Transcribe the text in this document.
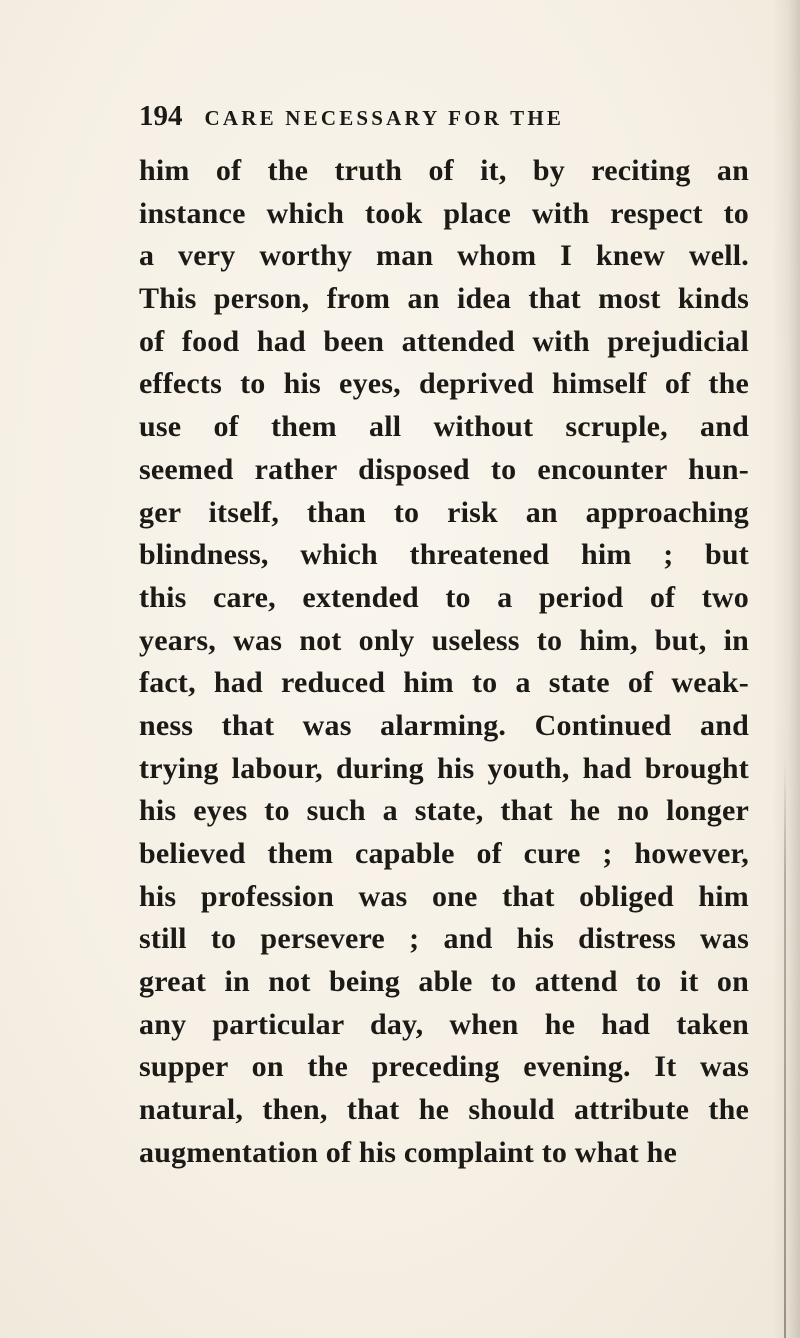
194 CARE NECESSARY FOR THE
him of the truth of it, by reciting an
instance which took place with respect to
a very worthy man whom I knew well.
This person, from an idea that most kinds
of food had been attended with prejudicial
effects to his eyes, deprived himself of the
use of them all without scruple, and
seemed rather disposed to encounter hun-
ger itself, than to risk an approaching
blindness, which threatened him ; but
this care, extended to a period of two
years, was not only useless to him, but, in
fact, had reduced him to a state of weak-
ness that was alarming. Continued and
trying labour, during his youth, had brought
his eyes to such a state, that he no longer
believed them capable of cure ; however,
his profession was one that obliged him
still to persevere ; and his distress was
great in not being able to attend to it on
any particular day, when he had taken
supper on the preceding evening. It was
natural, then, that he should attribute the
augmentation of his complaint to what he
